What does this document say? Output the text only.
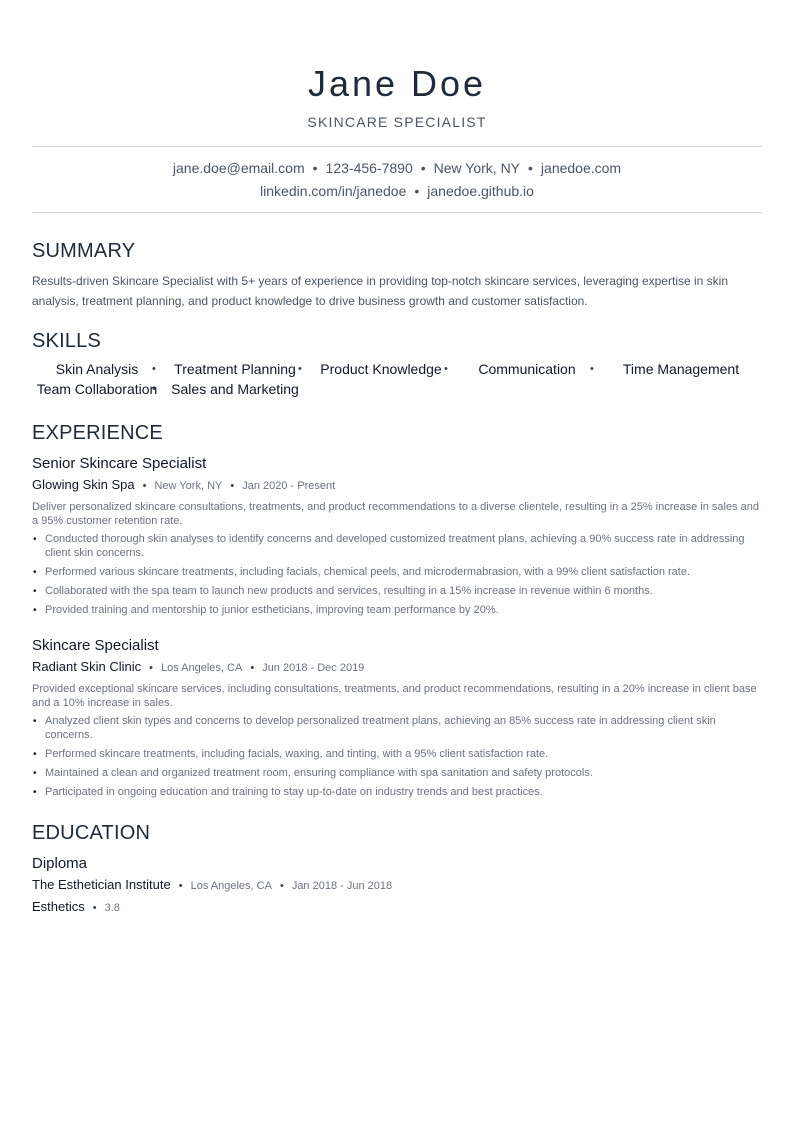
Jane Doe
SKINCARE SPECIALIST
jane.doe@email.com • 123-456-7890 • New York, NY • janedoe.com
linkedin.com/in/janedoe • janedoe.github.io
SUMMARY
Results-driven Skincare Specialist with 5+ years of experience in providing top-notch skincare services, leveraging expertise in skin analysis, treatment planning, and product knowledge to drive business growth and customer satisfaction.
SKILLS
Skin Analysis	• Treatment Planning	• Product Knowledge	• Communication	• Time Management
Team Collaboration • Sales and Marketing
EXPERIENCE
Senior Skincare Specialist
Glowing Skin Spa • New York, NY • Jan 2020 - Present
Deliver personalized skincare consultations, treatments, and product recommendations to a diverse clientele, resulting in a 25% increase in sales and a 95% customer retention rate.
• Conducted thorough skin analyses to identify concerns and developed customized treatment plans, achieving a 90% success rate in addressing client skin concerns.
• Performed various skincare treatments, including facials, chemical peels, and microdermabrasion, with a 99% client satisfaction rate.
• Collaborated with the spa team to launch new products and services, resulting in a 15% increase in revenue within 6 months.
• Provided training and mentorship to junior estheticians, improving team performance by 20%.
Skincare Specialist
Radiant Skin Clinic • Los Angeles, CA • Jun 2018 - Dec 2019
Provided exceptional skincare services, including consultations, treatments, and product recommendations, resulting in a 20% increase in client base and a 10% increase in sales.
• Analyzed client skin types and concerns to develop personalized treatment plans, achieving an 85% success rate in addressing client skin concerns.
• Performed skincare treatments, including facials, waxing, and tinting, with a 95% client satisfaction rate.
• Maintained a clean and organized treatment room, ensuring compliance with spa sanitation and safety protocols.
• Participated in ongoing education and training to stay up-to-date on industry trends and best practices.
EDUCATION
Diploma
The Esthetician Institute • Los Angeles, CA • Jan 2018 - Jun 2018
Esthetics • 3.8
